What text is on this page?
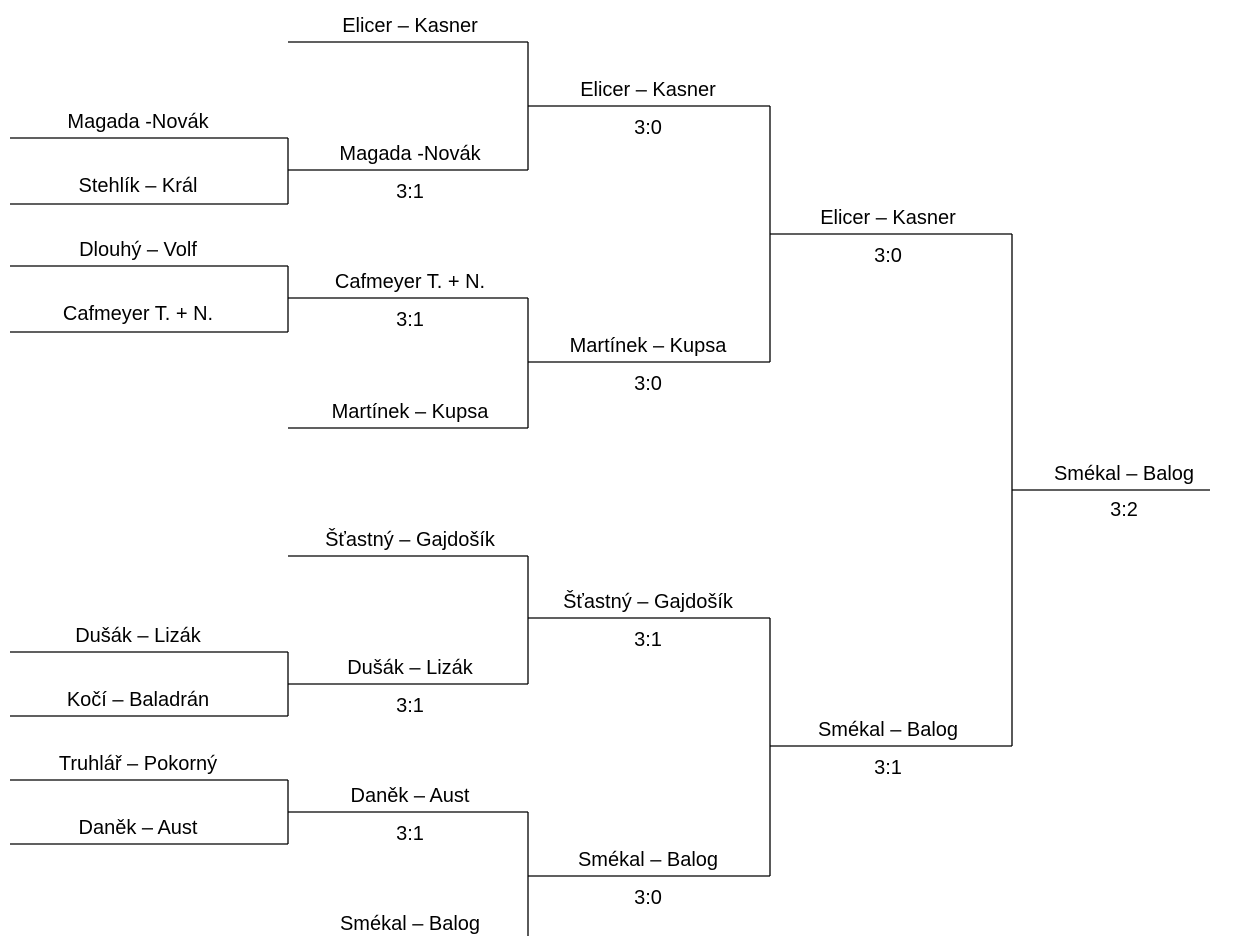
Magada -Novák
Stehlík – Král
Dlouhý – Volf
Cafmeyer T. + N.
Dušák – Lizák
Kočí – Baladrán
Truhlář – Pokorný
Daněk – Aust
Elicer – Kasner
Magada -Novák
3:1
Cafmeyer T. + N.
3:1
Martínek – Kupsa
Šťastný – Gajdošík
Dušák – Lizák
3:1
Daněk – Aust
3:1
Smékal – Balog
Elicer – Kasner
3:0
Martínek – Kupsa
3:0
Šťastný – Gajdošík
3:1
Smékal – Balog
3:0
Elicer – Kasner
3:0
Smékal – Balog
3:1
Smékal – Balog
3:2
